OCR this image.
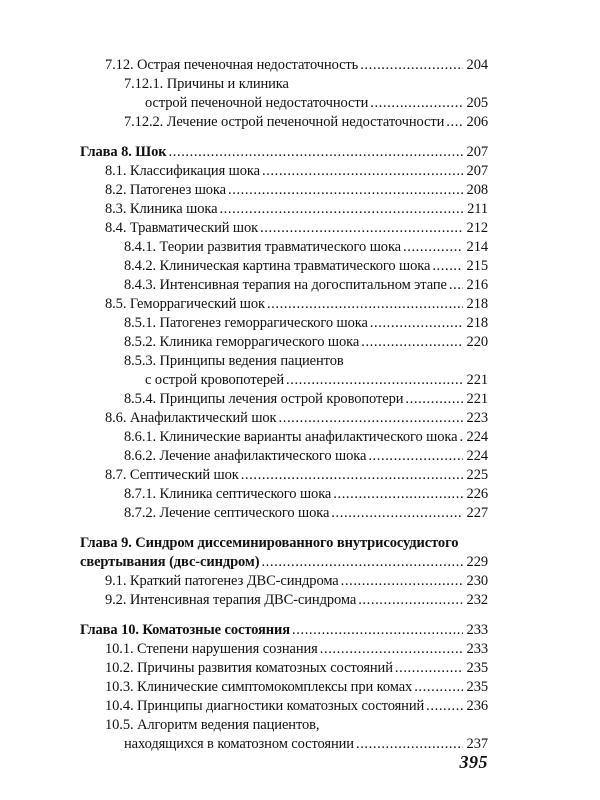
7.12. Острая печеночная недостаточность .....	204
7.12.1. Причины и клиника
острой печеночной недостаточности .....	205
7.12.2. Лечение острой печеночной недостаточности ..... 206
Глава 8. Шок .....	207
8.1. Классификация шока .....	207
8.2. Патогенез шока .....	208
8.3. Клиника шока .....	211
8.4. Травматический шок .....	212
8.4.1. Теории развития травматического шока .....	214
8.4.2. Клиническая картина травматического шока ..... 215
8.4.3. Интенсивная терапия на догоспитальном этапе ..... 216
8.5. Геморрагический шок .....	218
8.5.1. Патогенез геморрагического шока .....	218
8.5.2. Клиника геморрагического шока .....	220
8.5.3. Принципы ведения пациентов
с острой кровопотерей .....	221
8.5.4. Принципы лечения острой кровопотери .....	221
8.6. Анафилактический шок .....	223
8.6.1. Клинические варианты анафилактического шока ..... 224
8.6.2. Лечение анафилактического шока .....	224
8.7. Септический шок .....	225
8.7.1. Клиника септического шока .....	226
8.7.2. Лечение септического шока .....	227
Глава 9. Синдром диссеминированного внутрисосудистого
свертывания (двс-синдром) .....	229
9.1. Краткий патогенез ДВС-синдрома .....	230
9.2. Интенсивная терапия ДВС-синдрома .....	232
Глава 10. Коматозные состояния .....	233
10.1. Степени нарушения сознания .....	233
10.2. Причины развития коматозных состояний .....	235
10.3. Клинические симптомокомплексы при комах .....	235
10.4. Принципы диагностики коматозных состояний .....	236
10.5. Алгоритм ведения пациентов,
находящихся в коматозном состоянии .....	237
395
